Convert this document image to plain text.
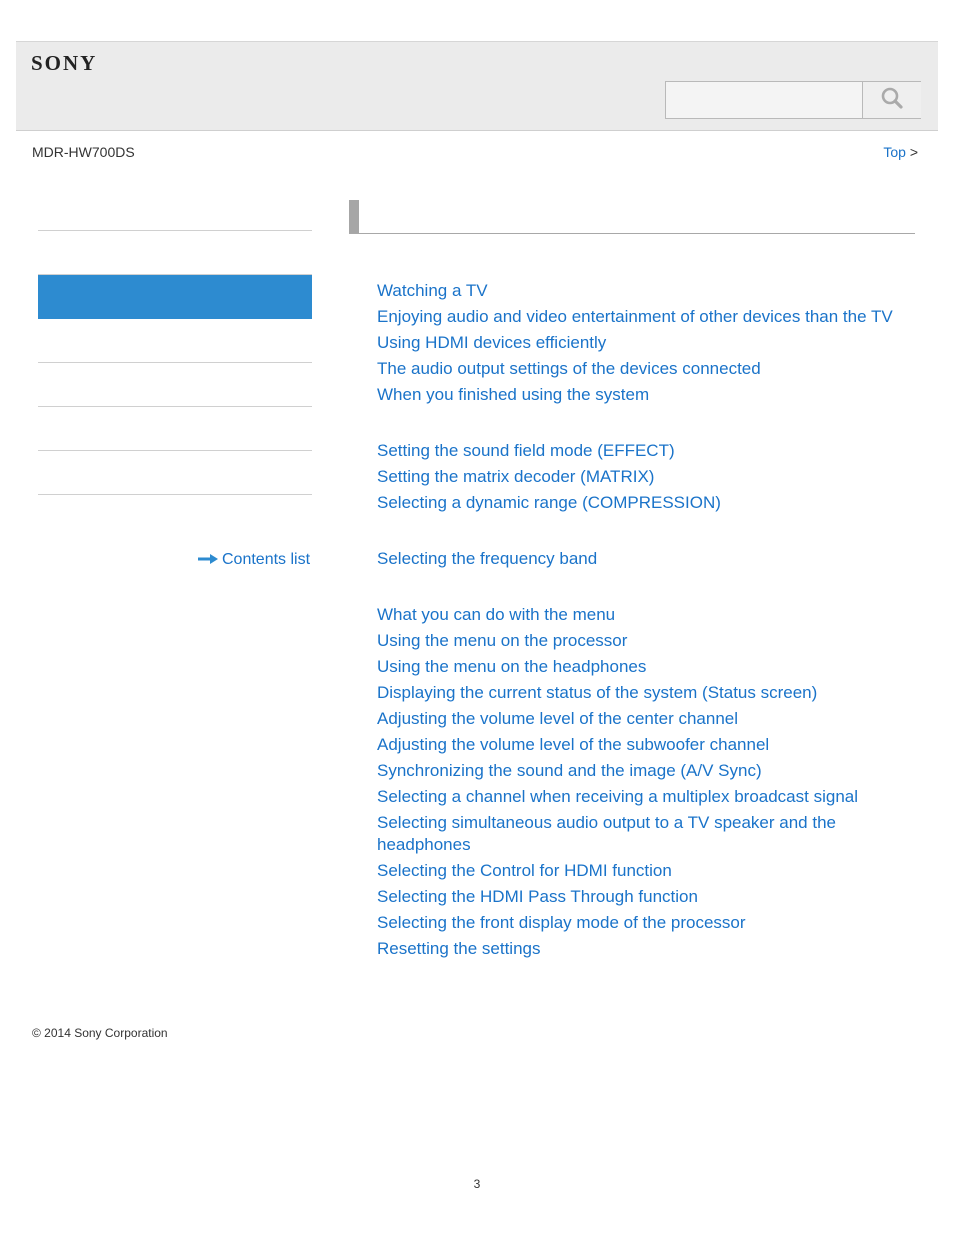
SONY
MDR-HW700DS	Top >
Contents list
Watching a TV
Enjoying audio and video entertainment of other devices than the TV
Using HDMI devices efficiently
The audio output settings of the devices connected
When you finished using the system
Setting the sound field mode (EFFECT)
Setting the matrix decoder (MATRIX)
Selecting a dynamic range (COMPRESSION)
Selecting the frequency band
What you can do with the menu
Using the menu on the processor
Using the menu on the headphones
Displaying the current status of the system (Status screen)
Adjusting the volume level of the center channel
Adjusting the volume level of the subwoofer channel
Synchronizing the sound and the image (A/V Sync)
Selecting a channel when receiving a multiplex broadcast signal
Selecting simultaneous audio output to a TV speaker and the headphones
Selecting the Control for HDMI function
Selecting the HDMI Pass Through function
Selecting the front display mode of the processor
Resetting the settings
© 2014 Sony Corporation
3
